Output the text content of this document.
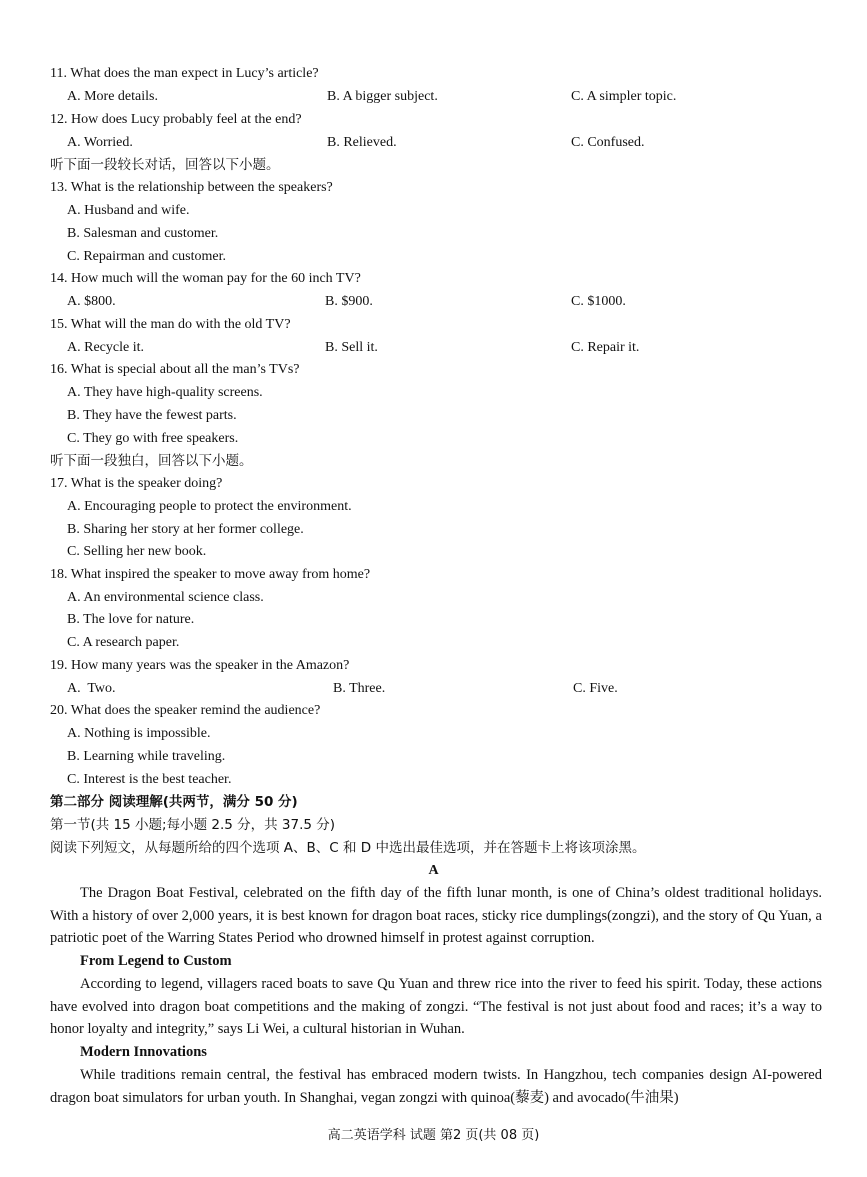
11. What does the man expect in Lucy’s article?
A. More details.	B. A bigger subject.	C. A simpler topic.
12. How does Lucy probably feel at the end?
A. Worried.	B. Relieved.	C. Confused.
听下面一段较长对话，回答以下小题。
13. What is the relationship between the speakers?
A. Husband and wife.
B. Salesman and customer.
C. Repairman and customer.
14. How much will the woman pay for the 60 inch TV?
A. $800.	B. $900.	C. $1000.
15. What will the man do with the old TV?
A. Recycle it.	B. Sell it.	C. Repair it.
16. What is special about all the man’s TVs?
A. They have high-quality screens.
B. They have the fewest parts.
C. They go with free speakers.
听下面一段独白，回答以下小题。
17. What is the speaker doing?
A. Encouraging people to protect the environment.
B. Sharing her story at her former college.
C. Selling her new book.
18. What inspired the speaker to move away from home?
A. An environmental science class.
B. The love for nature.
C. A research paper.
19. How many years was the speaker in the Amazon?
A.  Two.	B. Three.	C. Five.
20. What does the speaker remind the audience?
A. Nothing is impossible.
B. Learning while traveling.
C. Interest is the best teacher.
第二部分 阅读理解(共两节，满分 50 分)
第一节(共 15 小题;每小题 2.5 分，共 37.5 分)
阅读下列短文，从每题所给的四个选项 A、B、C 和 D 中选出最佳选项，并在答题卡上将该项涂黑。
A
The Dragon Boat Festival, celebrated on the fifth day of the fifth lunar month, is one of China’s oldest traditional holidays. With a history of over 2,000 years, it is best known for dragon boat races, sticky rice dumplings(zongzi), and the story of Qu Yuan, a patriotic poet of the Warring States Period who drowned himself in protest against corruption.
From Legend to Custom
According to legend, villagers raced boats to save Qu Yuan and threw rice into the river to feed his spirit. Today, these actions have evolved into dragon boat competitions and the making of zongzi. “The festival is not just about food and races; it’s a way to honor loyalty and integrity,” says Li Wei, a cultural historian in Wuhan.
Modern Innovations
While traditions remain central, the festival has embraced modern twists. In Hangzhou, tech companies design AI-powered dragon boat simulators for urban youth. In Shanghai, vegan zongzi with quinoa(藜麦) and avocado(牛油果)
高二英语学科 试题 第2 页(共 08 页)
